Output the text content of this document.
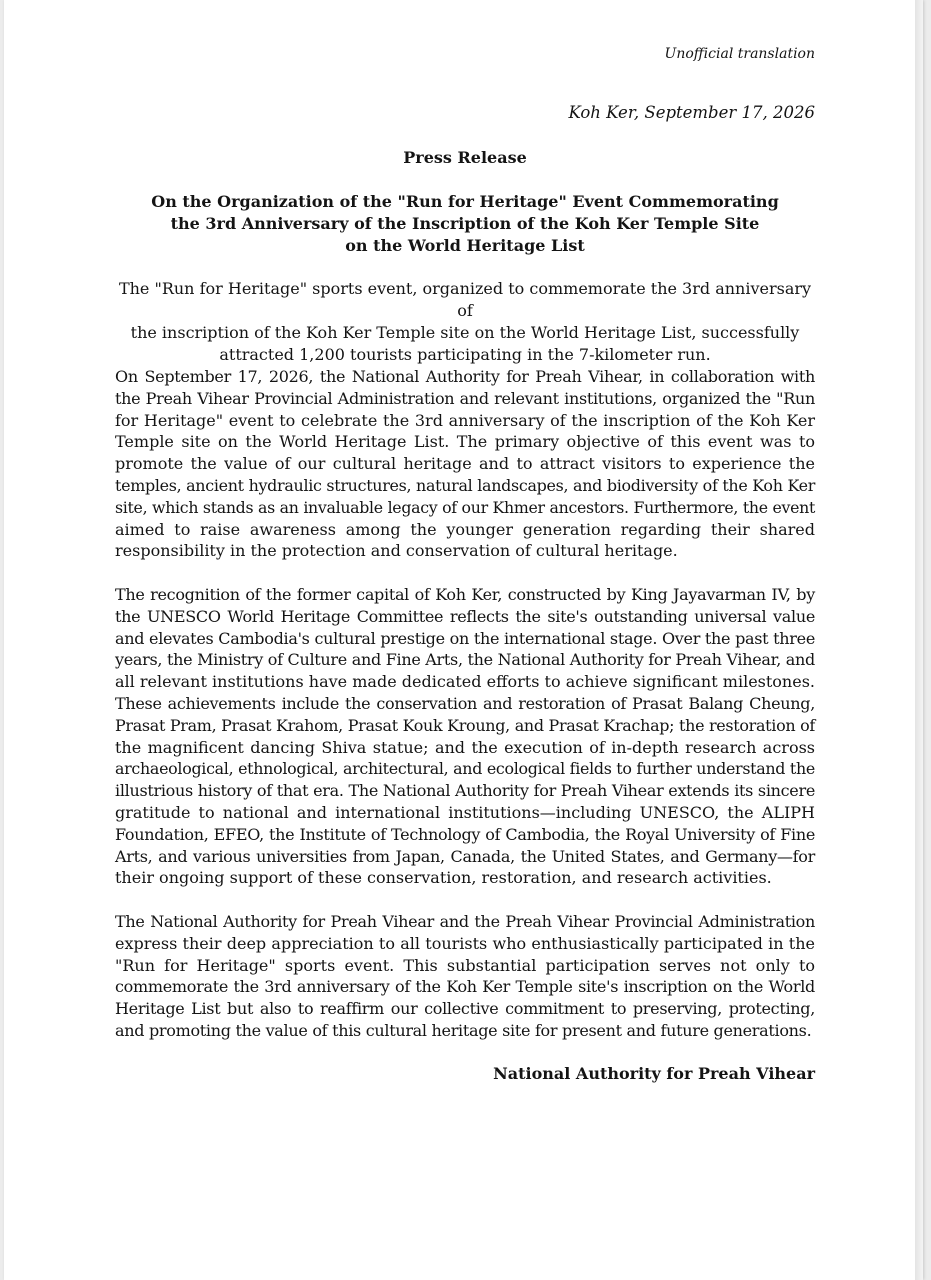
Unofficial translation
Koh Ker, September 17, 2026
Press Release
On the Organization of the "Run for Heritage" Event Commemorating
the 3rd Anniversary of the Inscription of the Koh Ker Temple Site
on the World Heritage List
The "Run for Heritage" sports event, organized to commemorate the 3rd anniversary of
the inscription of the Koh Ker Temple site on the World Heritage List, successfully
attracted 1,200 tourists participating in the 7-kilometer run.
On September 17, 2026, the National Authority for Preah Vihear, in collaboration with
the Preah Vihear Provincial Administration and relevant institutions, organized the "Run
for Heritage" event to celebrate the 3rd anniversary of the inscription of the Koh Ker
Temple site on the World Heritage List. The primary objective of this event was to
promote the value of our cultural heritage and to attract visitors to experience the
temples, ancient hydraulic structures, natural landscapes, and biodiversity of the Koh Ker
site, which stands as an invaluable legacy of our Khmer ancestors. Furthermore, the event
aimed to raise awareness among the younger generation regarding their shared
responsibility in the protection and conservation of cultural heritage.
The recognition of the former capital of Koh Ker, constructed by King Jayavarman IV, by
the UNESCO World Heritage Committee reflects the site's outstanding universal value
and elevates Cambodia's cultural prestige on the international stage. Over the past three
years, the Ministry of Culture and Fine Arts, the National Authority for Preah Vihear, and
all relevant institutions have made dedicated efforts to achieve significant milestones.
These achievements include the conservation and restoration of Prasat Balang Cheung,
Prasat Pram, Prasat Krahom, Prasat Kouk Kroung, and Prasat Krachap; the restoration of
the magnificent dancing Shiva statue; and the execution of in-depth research across
archaeological, ethnological, architectural, and ecological fields to further understand the
illustrious history of that era. The National Authority for Preah Vihear extends its sincere
gratitude to national and international institutions—including UNESCO, the ALIPH
Foundation, EFEO, the Institute of Technology of Cambodia, the Royal University of Fine
Arts, and various universities from Japan, Canada, the United States, and Germany—for
their ongoing support of these conservation, restoration, and research activities.
The National Authority for Preah Vihear and the Preah Vihear Provincial Administration
express their deep appreciation to all tourists who enthusiastically participated in the
"Run for Heritage" sports event. This substantial participation serves not only to
commemorate the 3rd anniversary of the Koh Ker Temple site's inscription on the World
Heritage List but also to reaffirm our collective commitment to preserving, protecting,
and promoting the value of this cultural heritage site for present and future generations.
National Authority for Preah Vihear
